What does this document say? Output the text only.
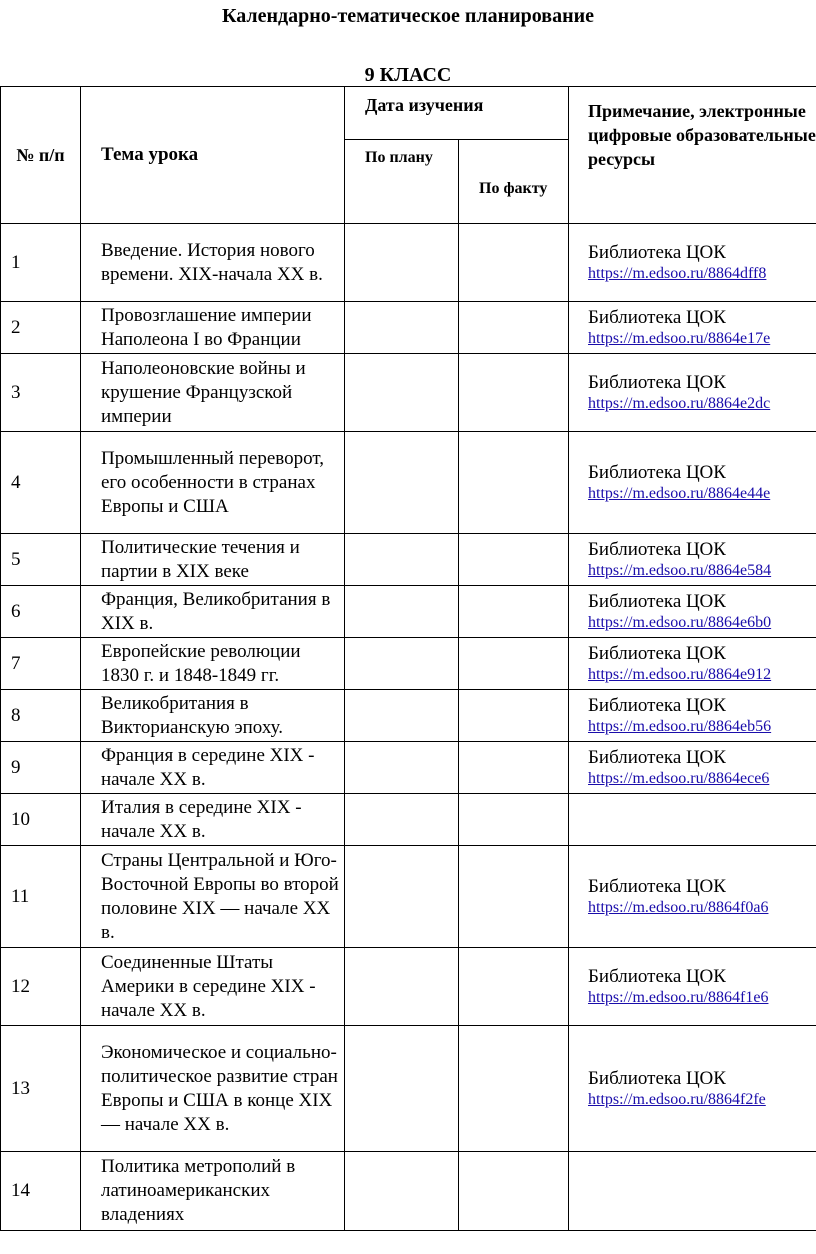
Календарно-тематическое планирование
9 КЛАСС
№ п/п	Тема урока	Дата изучения		Примечание, электронные цифровые образовательные ресурсы
		По плану	По факту	
1	Введение. История нового времени. XIX-начала XX в.			Библиотека ЦОК
https://m.edsoo.ru/8864dff8

2	Провозглашение империи Наполеона I во Франции			Библиотека ЦОК
https://m.edsoo.ru/8864e17e

3	Наполеоновские войны и крушение Французской империи			Библиотека ЦОК
https://m.edsoo.ru/8864e2dc

4	Промышленный переворот, его особенности в странах Европы и США			Библиотека ЦОК
https://m.edsoo.ru/8864e44e

5	Политические течения и партии в XIX веке			Библиотека ЦОК
https://m.edsoo.ru/8864e584

6	Франция, Великобритания в XIX в.			Библиотека ЦОК
https://m.edsoo.ru/8864e6b0

7	Европейские революции 1830 г. и 1848-1849 гг.			Библиотека ЦОК
https://m.edsoo.ru/8864e912

8	Великобритания в Викторианскую эпоху.			Библиотека ЦОК
https://m.edsoo.ru/8864eb56

9	Франция в середине XIX - начале XX в.			Библиотека ЦОК
https://m.edsoo.ru/8864ece6

10	Италия в середине XIX - начале XX в.			
11	Страны Центральной и Юго-Восточной Европы во второй половине XIX — начале XX в.			Библиотека ЦОК
https://m.edsoo.ru/8864f0a6

12	Соединенные Штаты Америки в середине XIX - начале XX в.			Библиотека ЦОК
https://m.edsoo.ru/8864f1e6

13	Экономическое и социально-политическое развитие стран Европы и США в конце XIX — начале XX в.			Библиотека ЦОК
https://m.edsoo.ru/8864f2fe

14	Политика метрополий в латиноамериканских владениях			
